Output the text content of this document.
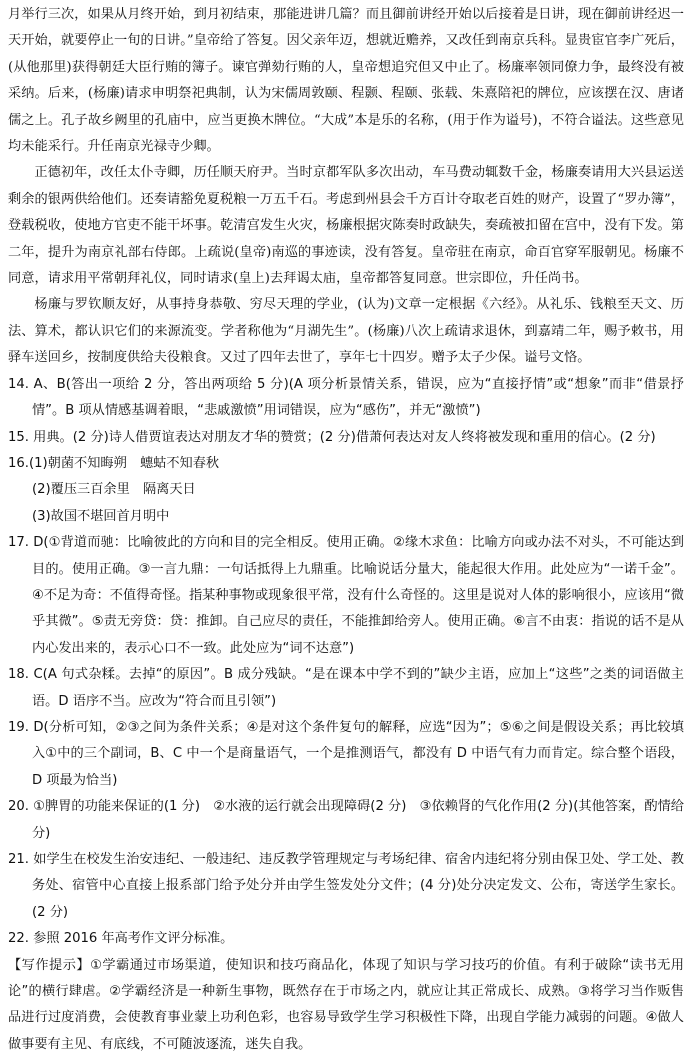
月举行三次，如果从月终开始，到月初结束，那能进讲几篇？而且御前讲经开始以后接着是日讲，现在御前讲经迟一天开始，就要停止一旬的日讲。”皇帝给了答复。因父亲年迈，想就近赡养，又改任到南京兵科。显贵宦官李广死后，(从他那里)获得朝廷大臣行贿的簿子。谏官弹劾行贿的人，皇帝想追究但又中止了。杨廉率领同僚力争，最终没有被采纳。后来，(杨廉)请求申明祭祀典制，认为宋儒周敦颐、程颢、程颐、张载、朱熹陪祀的牌位，应该摆在汉、唐诸儒之上。孔子故乡阙里的孔庙中，应当更换木牌位。“大成”本是乐的名称，(用于作为谥号)，不符合谥法。这些意见均未能采行。升任南京光禄寺少卿。

正德初年，改任太仆寺卿，历任顺天府尹。当时京都军队多次出动，车马费动辄数千金，杨廉奏请用大兴县运送剩余的银两供给他们。还奏请豁免夏税粮一万五千石。考虑到州县会千方百计夺取老百姓的财产，设置了“罗办簿”，登载税收，使地方官吏不能干坏事。乾清宫发生火灾，杨廉根据灾陈奏时政缺失，奏疏被扣留在宫中，没有下发。第二年，提升为南京礼部右侍郎。上疏说(皇帝)南巡的事迹读，没有答复。皇帝驻在南京，命百官穿军服朝见。杨廉不同意，请求用平常朝拜礼仪，同时请求(皇上)去拜谒太庙，皇帝都答复同意。世宗即位，升任尚书。

杨廉与罗钦顺友好，从事持身恭敬、穷尽天理的学业，(认为)文章一定根据《六经》。从礼乐、钱粮至天文、历法、算术，都认识它们的来源流变。学者称他为“月湖先生”。(杨廉)八次上疏请求退休，到嘉靖二年，赐予敕书，用驿车送回乡，按制度供给夫役粮食。又过了四年去世了，享年七十四岁。赠予太子少保。谥号文恪。

14. A、B(答出一项给 2 分，答出两项给 5 分)(A 项分析景情关系，错误，应为“直接抒情”或“想象”而非“借景抒情”。B 项从情感基调着眼，“悲戚激愤”用词错误，应为“感伤”，并无“激愤”)

15. 用典。(2 分)诗人借贾谊表达对朋友才华的赞赏；(2 分)借萧何表达对友人终将被发现和重用的信心。(2 分)

16.(1)朝菌不知晦朔　蟪蛄不知春秋

(2)覆压三百余里　隔离天日

(3)故国不堪回首月明中

17. D(①背道而驰：比喻彼此的方向和目的完全相反。使用正确。②缘木求鱼：比喻方向或办法不对头，不可能达到目的。使用正确。③一言九鼎：一句话抵得上九鼎重。比喻说话分量大，能起很大作用。此处应为“一诺千金”。④不足为奇：不值得奇怪。指某种事物或现象很平常，没有什么奇怪的。这里是说对人体的影响很小，应该用“微乎其微”。⑤责无旁贷：贷：推卸。自己应尽的责任，不能推卸给旁人。使用正确。⑥言不由衷：指说的话不是从内心发出来的，表示心口不一致。此处应为“词不达意”)

18. C(A 句式杂糅。去掉“的原因”。B 成分残缺。“是在课本中学不到的”缺少主语，应加上“这些”之类的词语做主语。D 语序不当。应改为“符合而且引领”)

19. D(分析可知，②③之间为条件关系；④是对这个条件复句的解释，应选“因为”；⑤⑥之间是假设关系；再比较填入①中的三个副词，B、C 中一个是商量语气，一个是推测语气，都没有 D 中语气有力而肯定。综合整个语段，D 项最为恰当)

20. ①脾胃的功能来保证的(1 分)　②水液的运行就会出现障碍(2 分)　③依赖肾的气化作用(2 分)(其他答案，酌情给分)

21. 如学生在校发生治安违纪、一般违纪、违反教学管理规定与考场纪律、宿舍内违纪将分别由保卫处、学工处、教务处、宿管中心直接上报系部门给予处分并由学生签发处分文件；(4 分)处分决定发文、公布，寄送学生家长。(2 分)

22. 参照 2016 年高考作文评分标准。

【写作提示】①学霸通过市场渠道，使知识和技巧商品化，体现了知识与学习技巧的价值。有利于破除“读书无用论”的横行肆虐。②学霸经济是一种新生事物，既然存在于市场之内，就应让其正常成长、成熟。③将学习当作贩售品进行过度消费，会使教育事业蒙上功利色彩，也容易导致学生学习积极性下降，出现自学能力减弱的问题。④做人做事要有主见、有底线，不可随波逐流，迷失自我。
